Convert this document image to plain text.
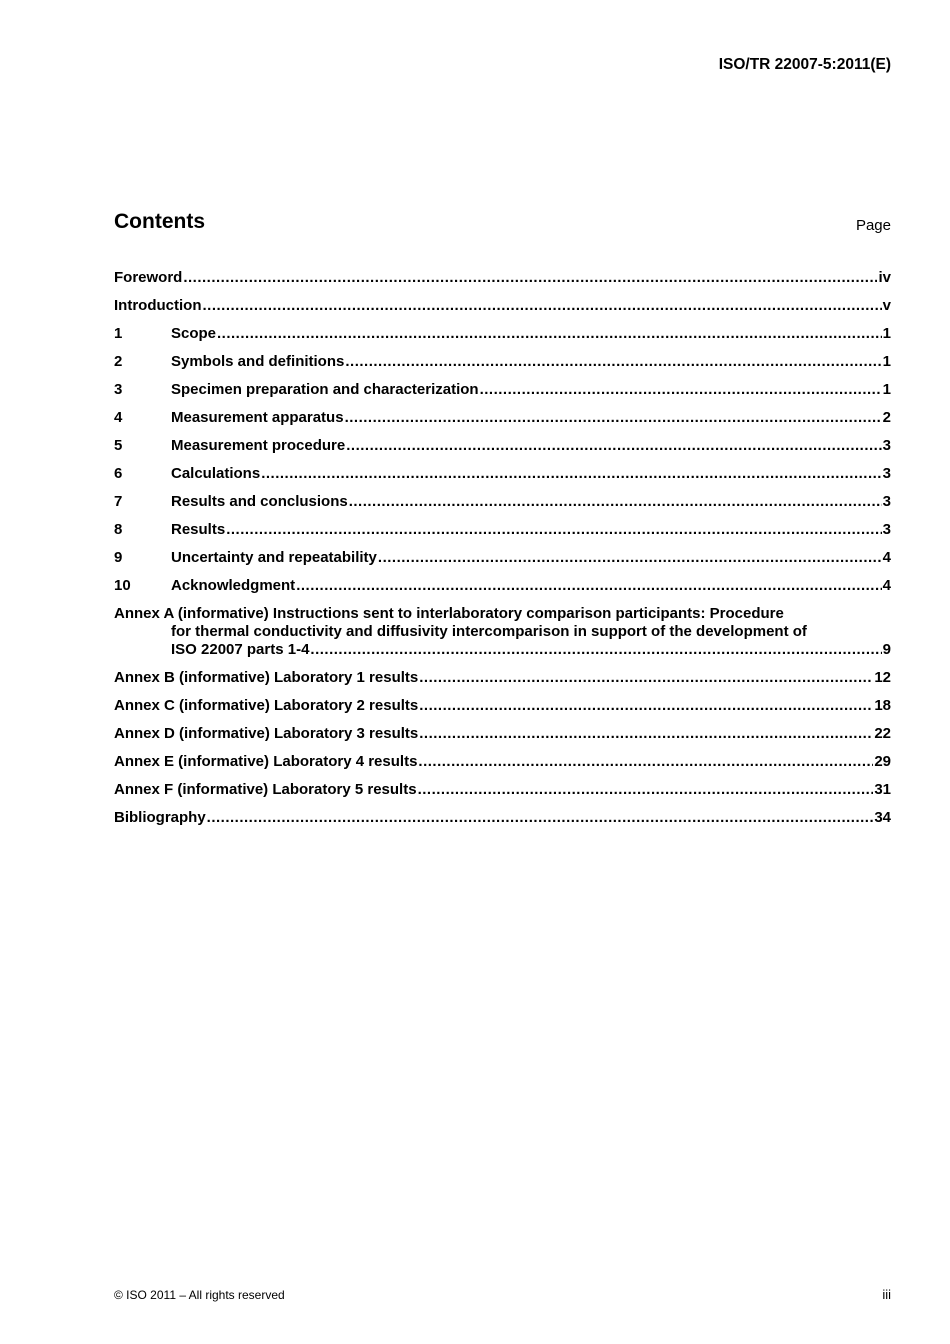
ISO/TR 22007-5:2011(E)
Contents	Page
Foreword .....	iv
Introduction .....	v
1	Scope .....	1
2	Symbols and definitions .....	1
3	Specimen preparation and characterization .....	1
4	Measurement apparatus .....	2
5	Measurement procedure .....	3
6	Calculations .....	3
7	Results and conclusions .....	3
8	Results .....	3
9	Uncertainty and repeatability .....	4
10	Acknowledgment .....	4
Annex A (informative) Instructions sent to interlaboratory comparison participants: Procedure
for thermal conductivity and diffusivity intercomparison in support of the development of
ISO 22007 parts 1-4 .....	9
Annex B (informative) Laboratory 1 results .....	12
Annex C (informative) Laboratory 2 results .....	18
Annex D (informative) Laboratory 3 results .....	22
Annex E (informative) Laboratory 4 results .....	29
Annex F (informative) Laboratory 5 results .....	31
Bibliography .....	34
© ISO 2011 – All rights reserved	iii
